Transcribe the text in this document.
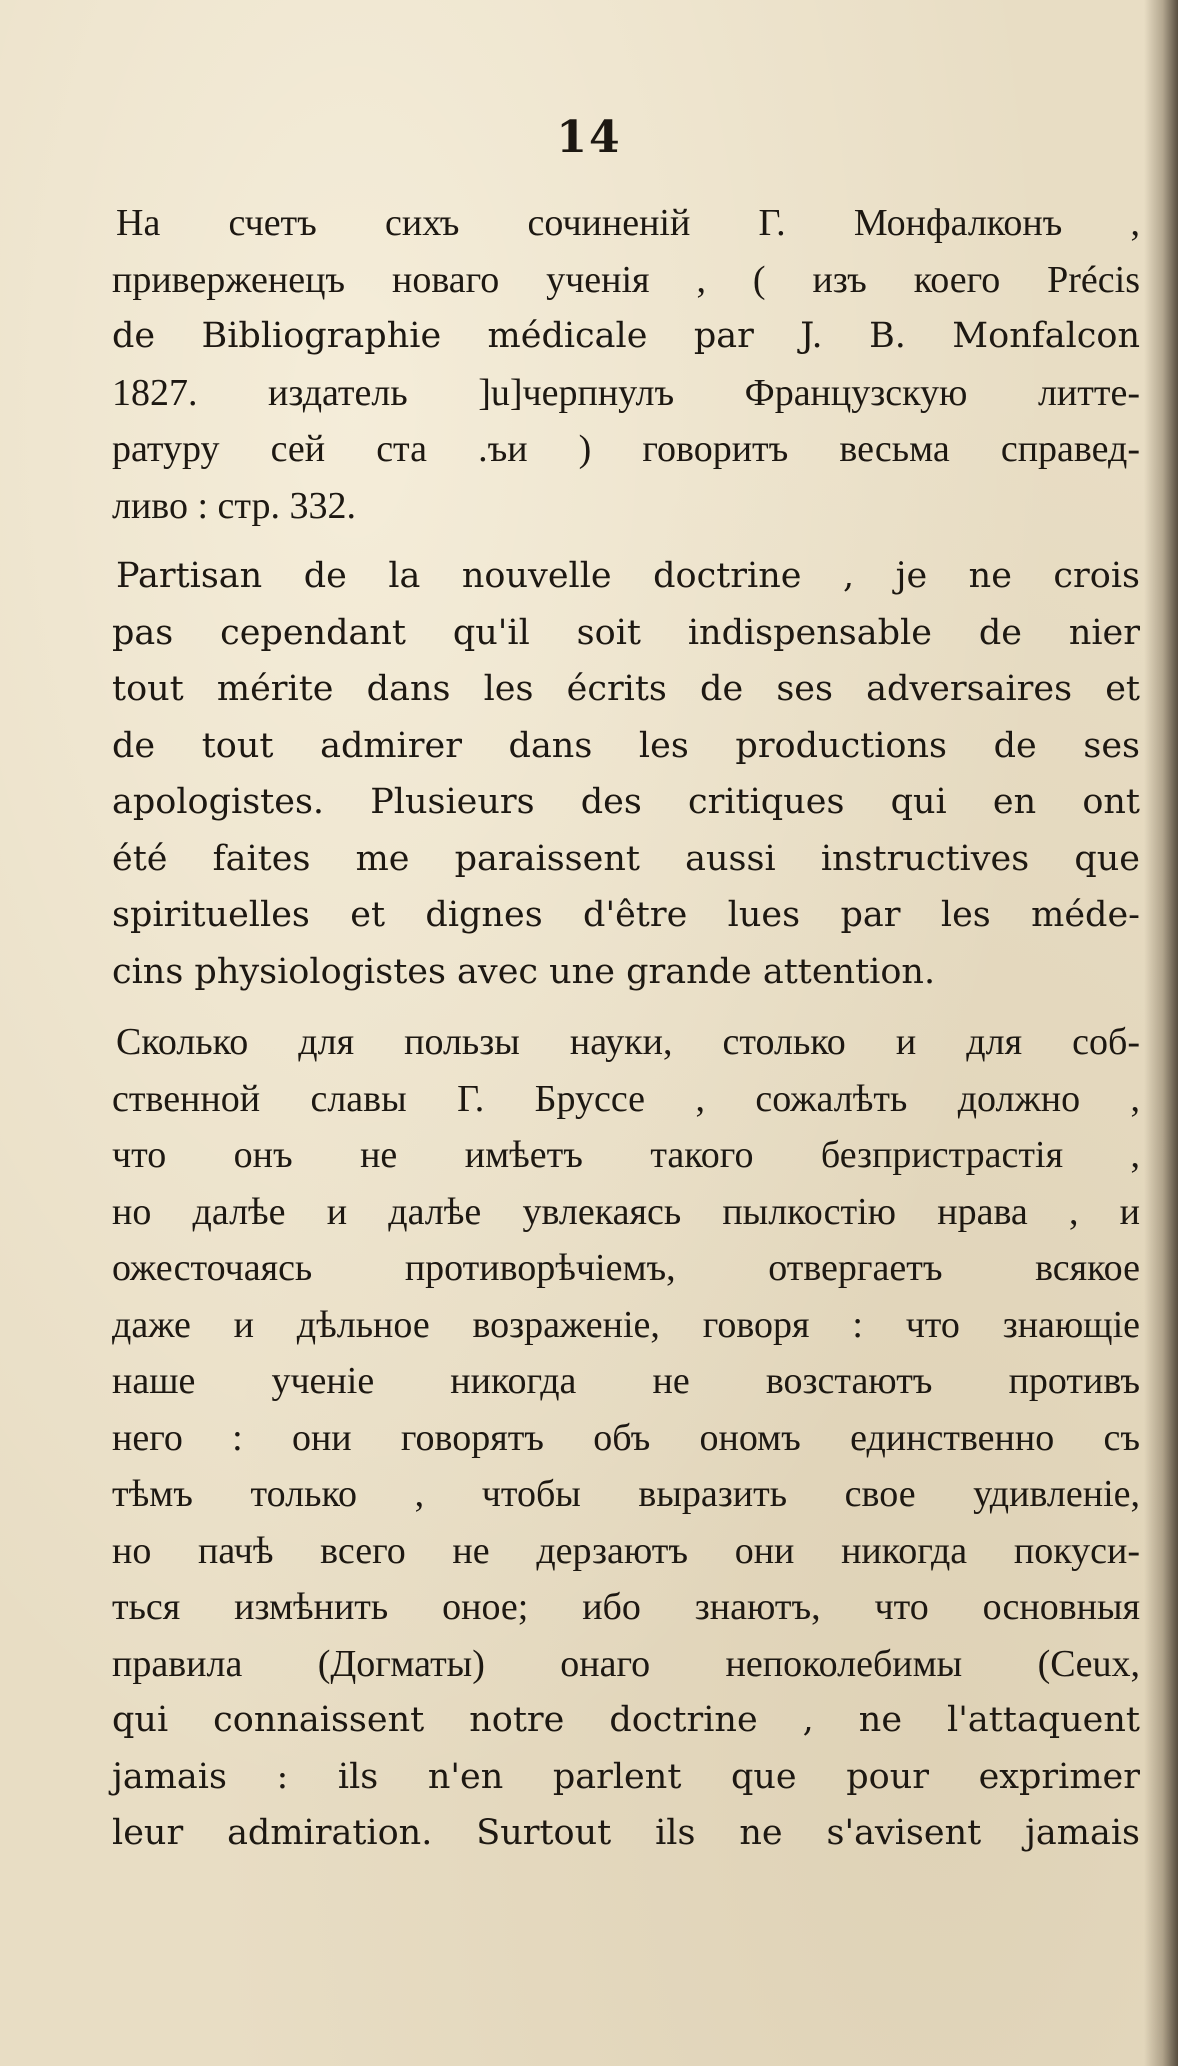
14
На счетъ сихъ сочиненій Г. Монфалконъ ,
приверженецъ новаго ученія , ( изъ коего Précis
de Bibliographie médicale par J. B. Monfalcon
1827. издатель ]u]черпнулъ Французскую литте-
ратуру сей ста .ъи ) говоритъ весьма справед-
ливо : стр. 332.
Partisan de la nouvelle doctrine , je ne crois
pas cependant qu'il soit indispensable de nier
tout mérite dans les écrits de ses adversaires et
de tout admirer dans les productions de ses
apologistes. Plusieurs des critiques qui en ont
été faites me paraissent aussi instructives que
spirituelles et dignes d'être lues par les méde-
cins physiologistes avec une grande attention.
Сколько для пользы науки, столько и для соб-
ственной славы Г. Бруссе , сожалѣть должно ,
что онъ не имѣетъ такого безпристрастія ,
но далѣе и далѣе увлекаясь пылкостію нрава , и
ожесточаясь противорѣчіемъ, отвергаетъ всякое
даже и дѣльное возраженіе, говоря : что знающіе
наше ученіе никогда не возстаютъ противъ
него : они говорятъ объ ономъ единственно съ
тѣмъ только , чтобы выразить свое удивленіе,
но пачѣ всего не дерзаютъ они никогда покуси-
ться измѣнить оное; ибо знаютъ, что основныя
правила (Догматы) онаго непоколебимы (Ceux,
qui connaissent notre doctrine , ne l'attaquent
jamais : ils n'en parlent que pour exprimer
leur admiration. Surtout ils ne s'avisent jamais
